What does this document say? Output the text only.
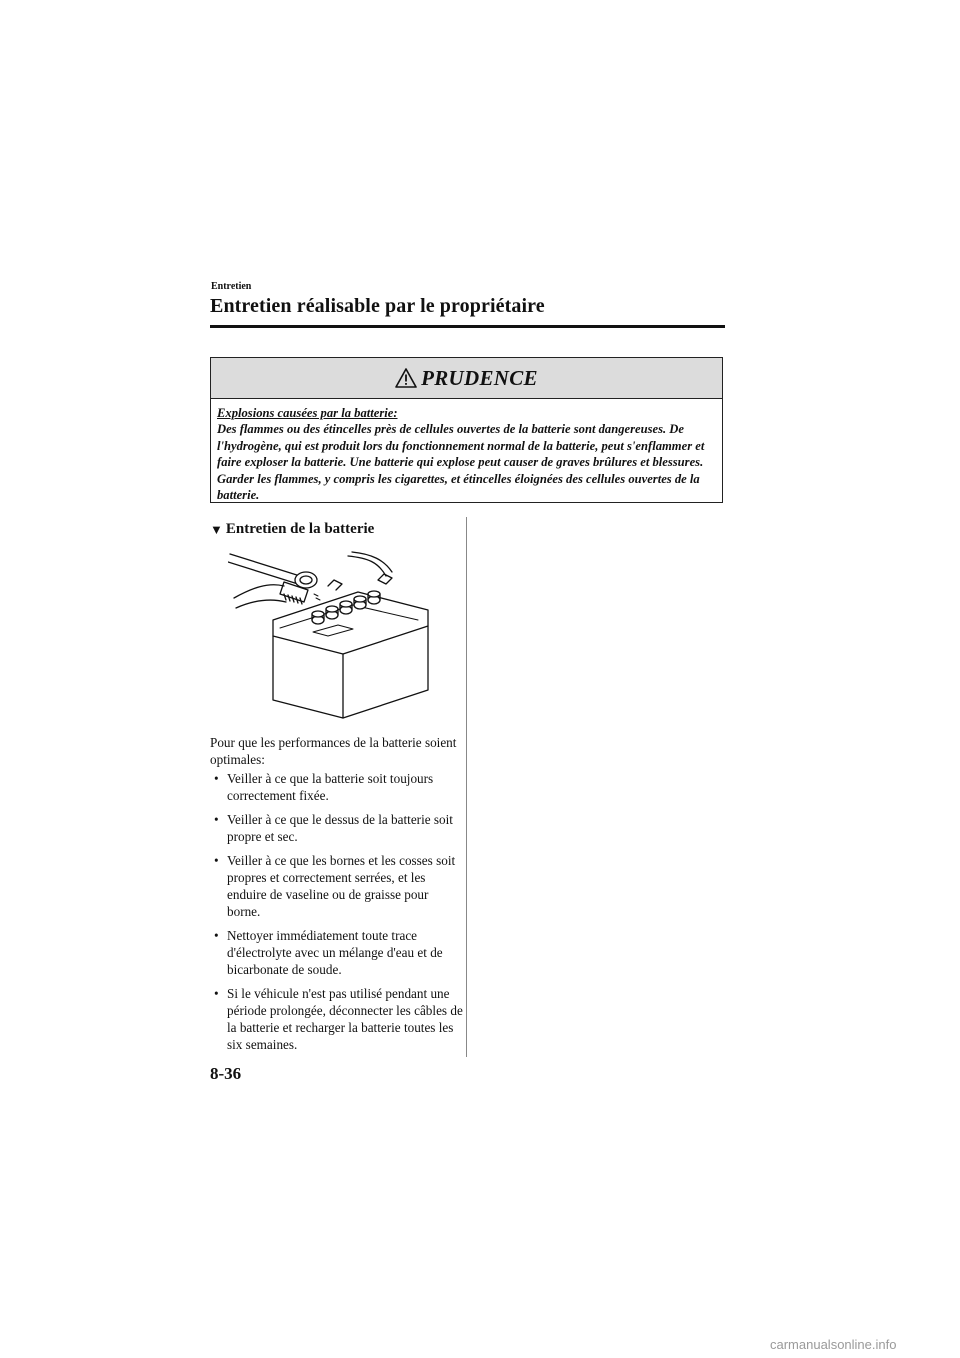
Entretien
Entretien réalisable par le propriétaire
PRUDENCE
Explosions causées par la batterie:
Des flammes ou des étincelles près de cellules ouvertes de la batterie sont dangereuses. De l'hydrogène, qui est produit lors du fonctionnement normal de la batterie, peut s'enflammer et faire exploser la batterie. Une batterie qui explose peut causer de graves brûlures et blessures. Garder les flammes, y compris les cigarettes, et étincelles éloignées des cellules ouvertes de la batterie.
▼ Entretien de la batterie
Pour que les performances de la batterie soient optimales:
• Veiller à ce que la batterie soit toujours correctement fixée.
• Veiller à ce que le dessus de la batterie soit propre et sec.
• Veiller à ce que les bornes et les cosses soit propres et correctement serrées, et les enduire de vaseline ou de graisse pour borne.
• Nettoyer immédiatement toute trace d'électrolyte avec un mélange d'eau et de bicarbonate de soude.
• Si le véhicule n'est pas utilisé pendant une période prolongée, déconnecter les câbles de la batterie et recharger la batterie toutes les six semaines.
8-36
carmanualsonline.info
